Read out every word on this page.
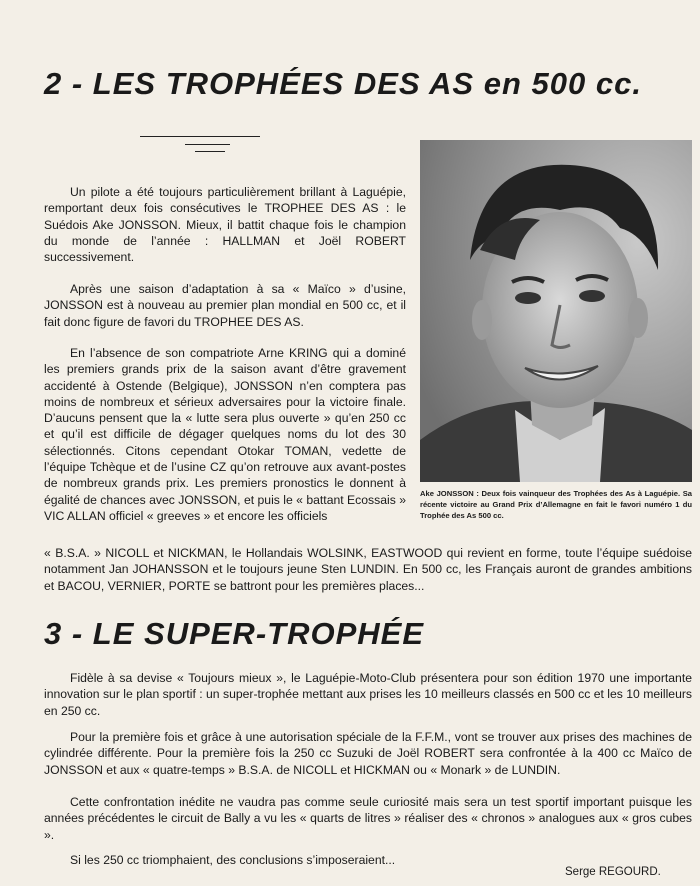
2 - LES TROPHÉES DES AS en 500 cc.

Un pilote a été toujours particulièrement brillant à Laguépie, remportant deux fois consécutives le TROPHEE DES AS : le Suédois Ake JONSSON. Mieux, il battit chaque fois le champion du monde de l’année : HALLMAN et Joël ROBERT successivement.

Après une saison d’adaptation à sa « Maïco » d’usine, JONSSON est à nouveau au premier plan mondial en 500 cc, et il fait donc figure de favori du TROPHEE DES AS.

En l’absence de son compatriote Arne KRING qui a dominé les premiers grands prix de la saison avant d’être gravement accidenté à Ostende (Belgique), JONSSON n’en comptera pas moins de nombreux et sérieux adversaires pour la victoire finale. D’aucuns pensent que la « lutte sera plus ouverte » qu’en 250 cc et qu’il est difficile de dégager quelques noms du lot des 30 sélectionnés. Citons cependant Otokar TOMAN, vedette de l’équipe Tchèque et de l’usine CZ qu’on retrouve aux avant-postes de nombreux grands prix. Les premiers pronostics le donnent à égalité de chances avec JONSSON, et puis le « battant Ecossais » VIC ALLAN officiel « greeves » et encore les officiels

« B.S.A. » NICOLL et NICKMAN, le Hollandais WOLSINK, EASTWOOD qui revient en forme, toute l’équipe suédoise notamment Jan JOHANSSON et le toujours jeune Sten LUNDIN. En 500 cc, les Français auront de grandes ambitions et BACOU, VERNIER, PORTE se battront pour les premières places...

Ake JONSSON : Deux fois vainqueur des Trophées des As à Laguépie. Sa récente victoire au Grand Prix d’Allemagne en fait le favori numéro 1 du Trophée des As 500 cc.

3 - LE SUPER-TROPHÉE

Fidèle à sa devise « Toujours mieux », le Laguépie-Moto-Club présentera pour son édition 1970 une importante innovation sur le plan sportif : un super-trophée mettant aux prises les 10 meilleurs classés en 500 cc et les 10 meilleurs en 250 cc.

Pour la première fois et grâce à une autorisation spéciale de la F.F.M., vont se trouver aux prises des machines de cylindrée différente. Pour la première fois la 250 cc Suzuki de Joël ROBERT sera confrontée à la 400 cc Maïco de JONSSON et aux « quatre-temps » B.S.A. de NICOLL et HICKMAN ou « Monark » de LUNDIN.

Cette confrontation inédite ne vaudra pas comme seule curiosité mais sera un test sportif important puisque les années précédentes le circuit de Bally a vu les « quarts de litres » réaliser des « chronos » analogues aux « gros cubes ».

Si les 250 cc triomphaient, des conclusions s’imposeraient...

Serge REGOURD.
